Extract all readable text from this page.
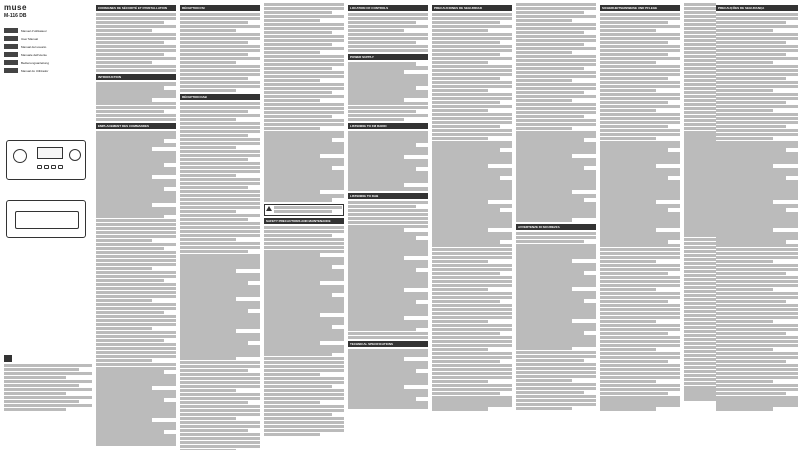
muse
M-116 DB
Manuel d'utilisateur
User Manual
Manual del usuario
Manuale dell'utente
Bedienungsanleitung
Manual do Utilizador
CONSIGNES DE SÉCURITÉ ET D'INSTALLATION
INTRODUCTION
EMPLACEMENT DES COMMANDES
RÉCEPTION FM
RÉCEPTION DAB
SAFETY PRECAUTIONS AND MAINTENANCE
LOCATION OF CONTROLS
POWER SUPPLY
LISTENING TO FM RADIO
LISTENING TO DAB
TECHNICAL SPECIFICATIONS
PRECAUCIONES DE SEGURIDAD
AVVERTENZE DI SICUREZZA
SICHERHEITSHINWEISE UND PFLEGE	PRECAUÇÕES DE SEGURANÇA
